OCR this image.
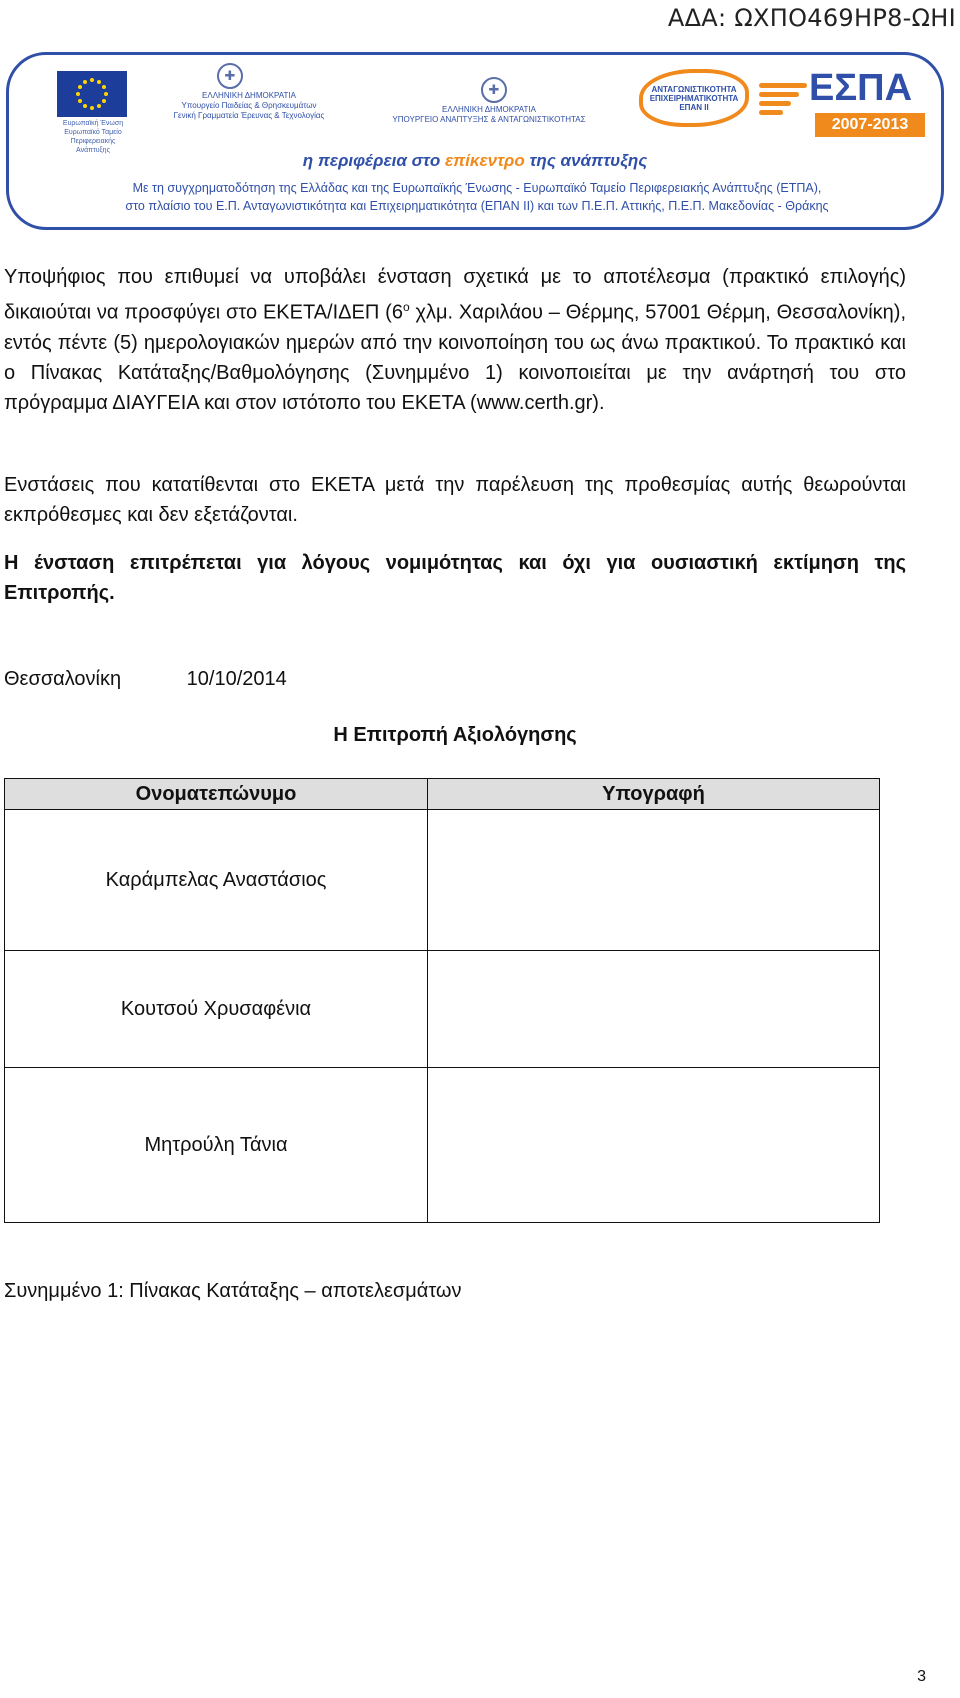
ΑΔΑ: ΩΧΠΟ469ΗΡ8-ΩΗΙ
Ευρωπαϊκή Ένωση
Ευρωπαϊκό Ταμείο
Περιφερειακής Ανάπτυξης
✚
ΕΛΛΗΝΙΚΗ ΔΗΜΟΚΡΑΤΙΑ
Υπουργείο Παιδείας & Θρησκευμάτων
Γενική Γραμματεία Έρευνας & Τεχνολογίας
✚
ΕΛΛΗΝΙΚΗ ΔΗΜΟΚΡΑΤΙΑ
ΥΠΟΥΡΓΕΙΟ ΑΝΑΠΤΥΞΗΣ & ΑΝΤΑΓΩΝΙΣΤΙΚΟΤΗΤΑΣ
ΑΝΤΑΓΩΝΙΣΤΙΚΟΤΗΤΑ ΕΠΙΧΕΙΡΗΜΑΤΙΚΟΤΗΤΑ ΕΠΑΝ ΙΙ	ΕΣΠΑ
2007-2013
η περιφέρεια στο επίκεντρο της ανάπτυξης
Με τη συγχρηματοδότηση της Ελλάδας και της Ευρωπαϊκής Ένωσης - Ευρωπαϊκό Ταμείο Περιφερειακής Ανάπτυξης (ΕΤΠΑ),
στο πλαίσιο του Ε.Π. Ανταγωνιστικότητα και Επιχειρηματικότητα (ΕΠΑΝ ΙΙ) και των Π.Ε.Π. Αττικής, Π.Ε.Π. Μακεδονίας - Θράκης
Υποψήφιος που επιθυμεί να υποβάλει ένσταση σχετικά με το αποτέλεσμα (πρακτικό επιλογής) δικαιούται να προσφύγει στο ΕΚΕΤΑ/ΙΔΕΠ ($6^o$ χλμ. Χαριλάου – Θέρμης, 57001 Θέρμη, Θεσσαλονίκη), εντός πέντε (5) ημερολογιακών ημερών από την κοινοποίηση του ως άνω πρακτικού. Το πρακτικό και ο Πίνακας Κατάταξης/Βαθμολόγησης (Συνημμένο 1) κοινοποιείται με την ανάρτησή του στο πρόγραμμα ΔΙΑΥΓΕΙΑ και στον ιστότοπο του ΕΚΕΤΑ (www.certh.gr).
Ενστάσεις που κατατίθενται στο ΕΚΕΤΑ μετά την παρέλευση της προθεσμίας αυτής θεωρούνται εκπρόθεσμες και δεν εξετάζονται.
Η ένσταση επιτρέπεται για λόγους νομιμότητας και όχι για ουσιαστική εκτίμηση της Επιτροπής.
Θεσσαλονίκη	10/10/2014
Η Επιτροπή Αξιολόγησης
Ονοματεπώνυμο	Υπογραφή
Καράμπελας Αναστάσιος	
Κουτσού Χρυσαφένια	
Μητρούλη Τάνια	
Συνημμένο 1: Πίνακας Κατάταξης – αποτελεσμάτων
3
